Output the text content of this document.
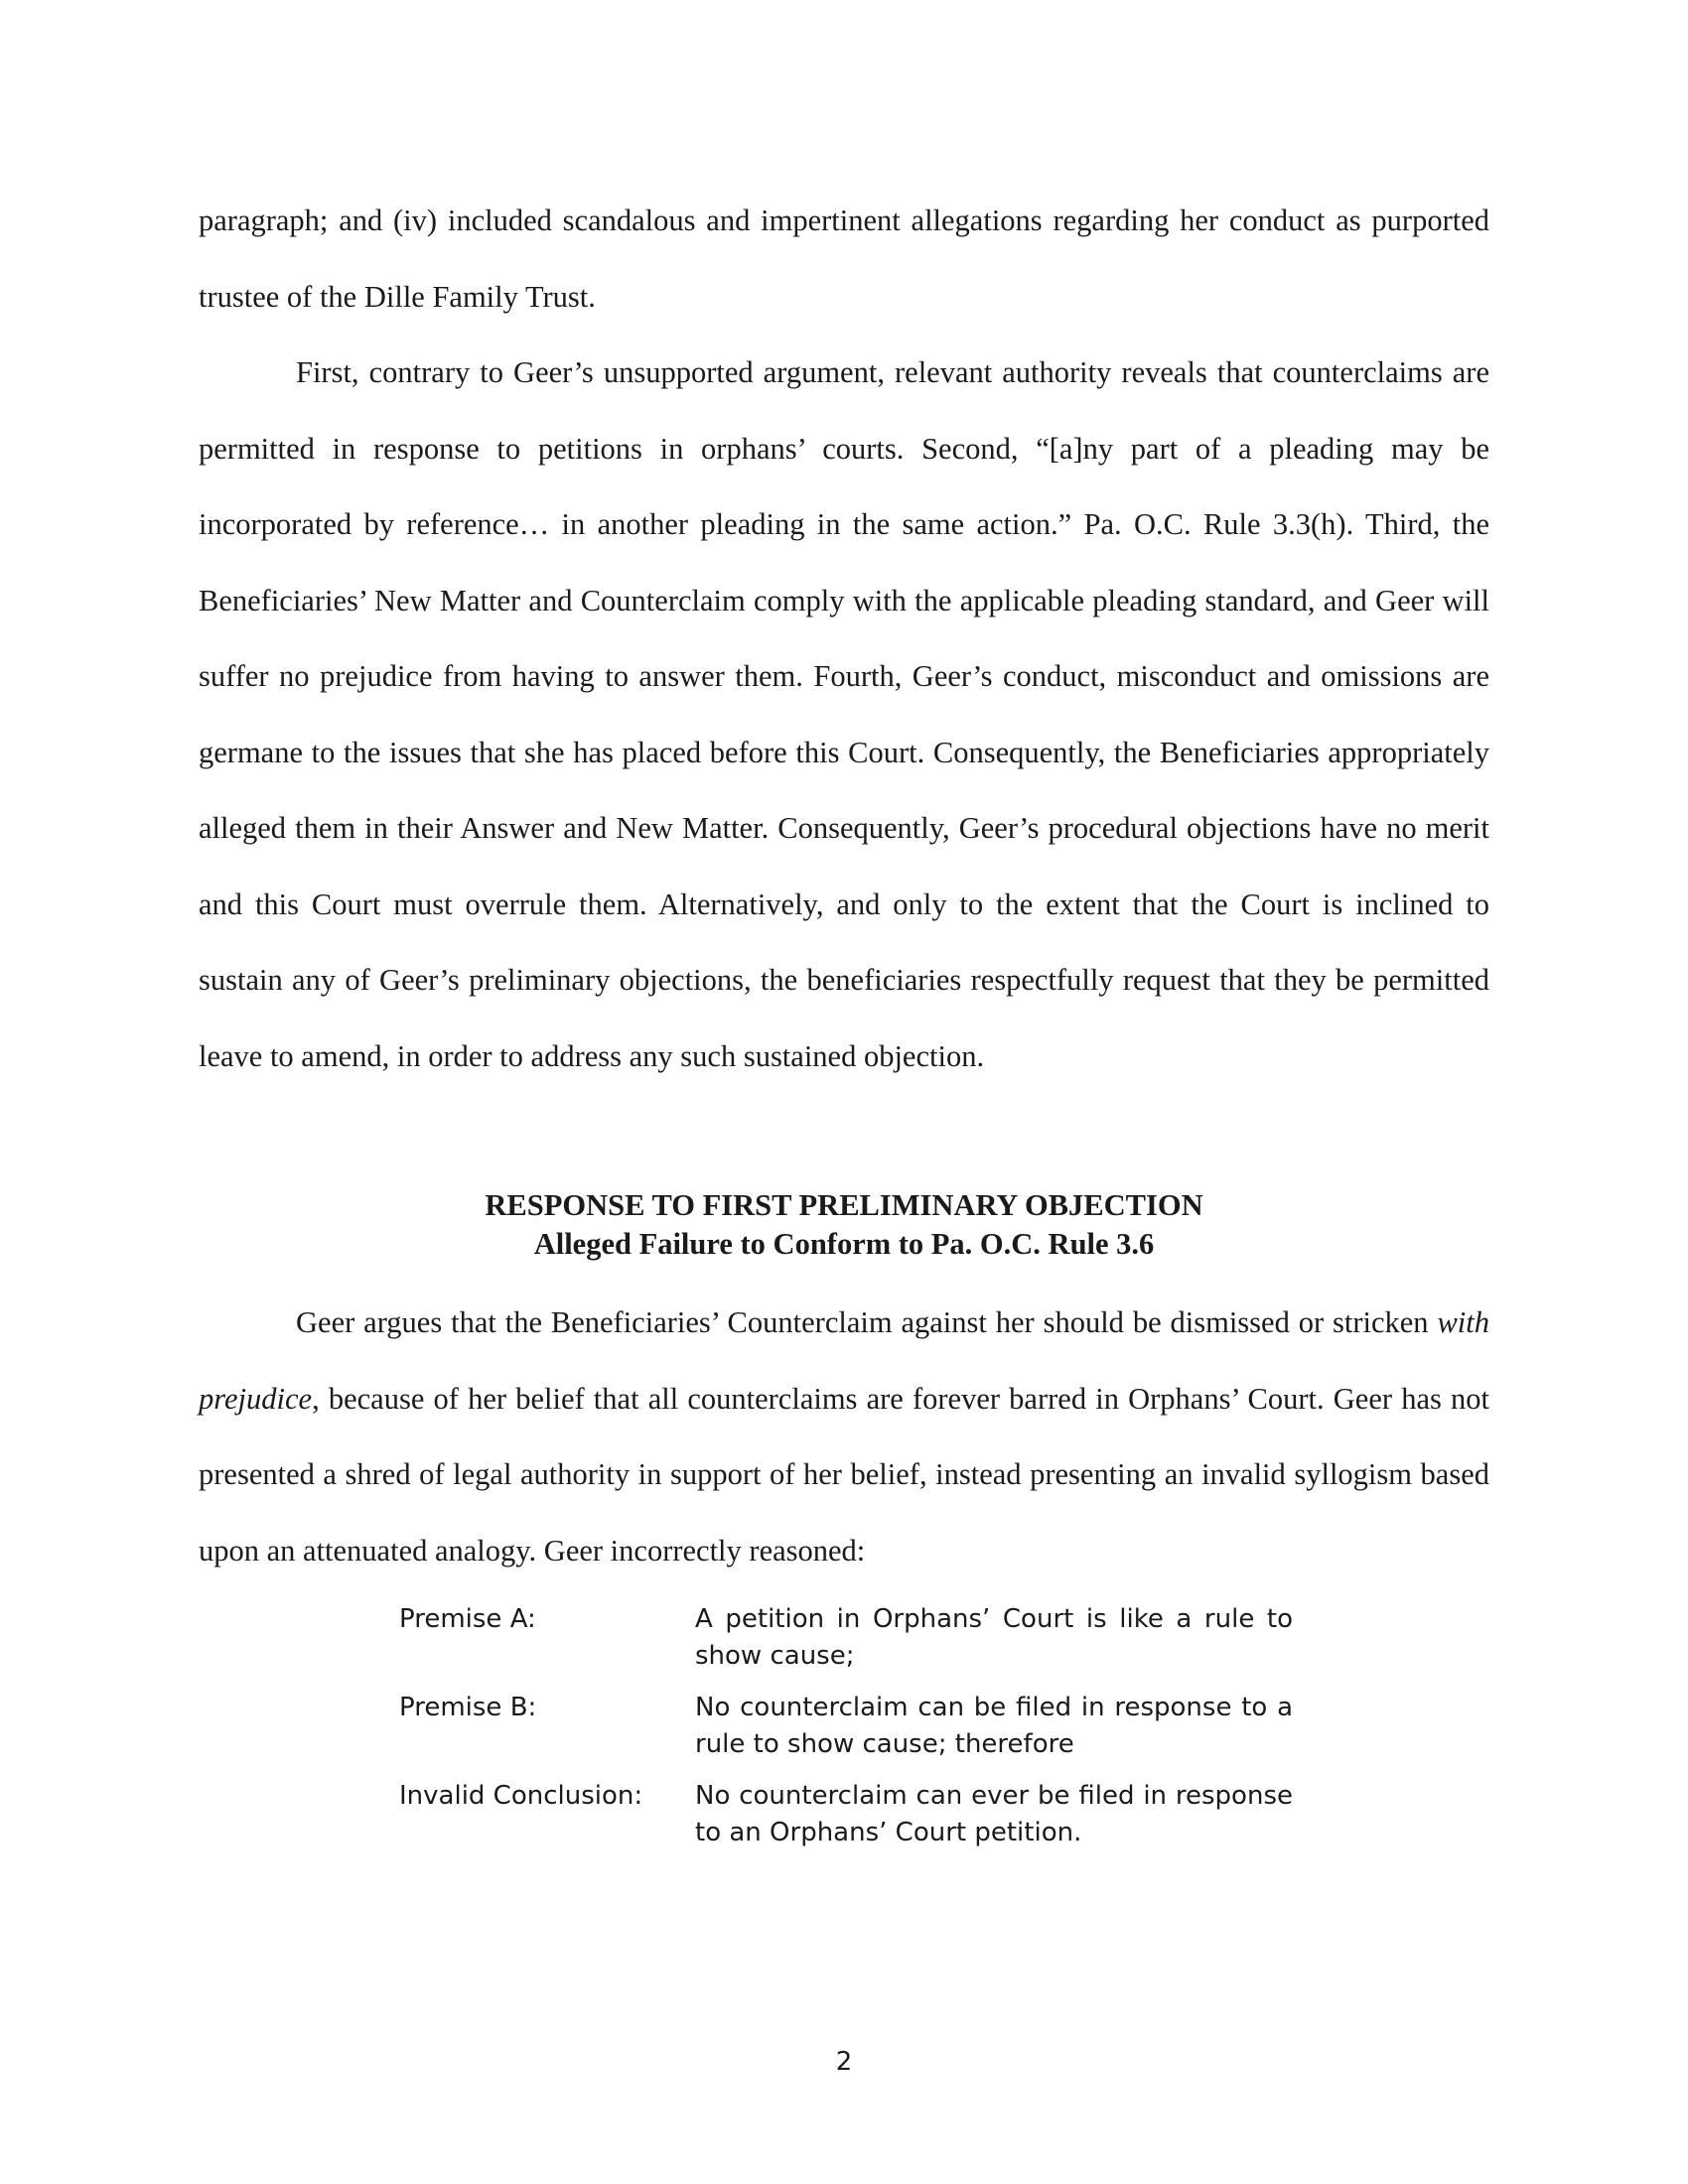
paragraph; and (iv) included scandalous and impertinent allegations regarding her conduct as purported trustee of the Dille Family Trust.

First, contrary to Geer’s unsupported argument, relevant authority reveals that counterclaims are permitted in response to petitions in orphans’ courts. Second, “[a]ny part of a pleading may be incorporated by reference… in another pleading in the same action.” Pa. O.C. Rule 3.3(h). Third, the Beneficiaries’ New Matter and Counterclaim comply with the applicable pleading standard, and Geer will suffer no prejudice from having to answer them. Fourth, Geer’s conduct, misconduct and omissions are germane to the issues that she has placed before this Court. Consequently, the Beneficiaries appropriately alleged them in their Answer and New Matter. Consequently, Geer’s procedural objections have no merit and this Court must overrule them. Alternatively, and only to the extent that the Court is inclined to sustain any of Geer’s preliminary objections, the beneficiaries respectfully request that they be permitted leave to amend, in order to address any such sustained objection.

RESPONSE TO FIRST PRELIMINARY OBJECTION
Alleged Failure to Conform to Pa. O.C. Rule 3.6

Geer argues that the Beneficiaries’ Counterclaim against her should be dismissed or stricken with prejudice, because of her belief that all counterclaims are forever barred in Orphans’ Court. Geer has not presented a shred of legal authority in support of her belief, instead presenting an invalid syllogism based upon an attenuated analogy. Geer incorrectly reasoned:

Premise A:	A petition in Orphans’ Court is like a rule to show cause;
Premise B:	No counterclaim can be filed in response to a rule to show cause; therefore
Invalid Conclusion:	No counterclaim can ever be filed in response to an Orphans’ Court petition.
2
